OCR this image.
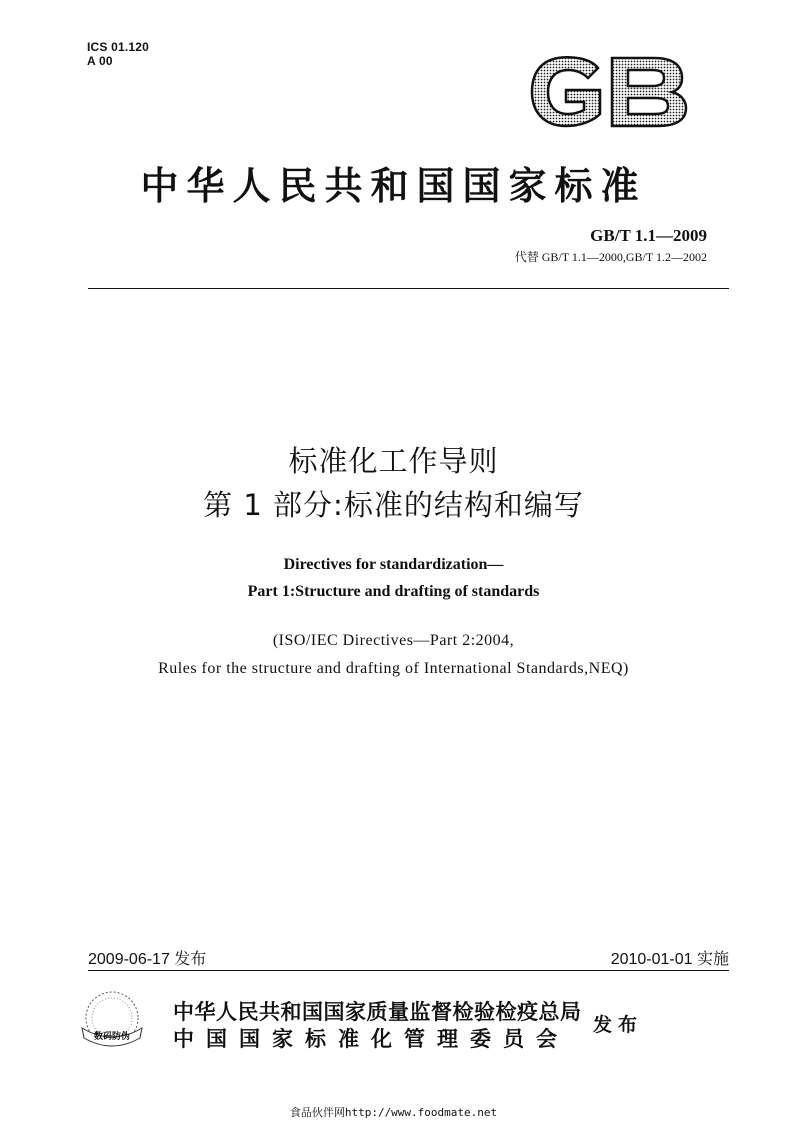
ICS 01.120
A 00
中华人民共和国国家标准
GB/T 1.1—2009
代替 GB/T 1.1—2000,GB/T 1.2—2002
标准化工作导则
第 1 部分:标准的结构和编写
Directives for standardization—
Part 1:Structure and drafting of standards
(ISO/IEC Directives—Part 2:2004,
Rules for the structure and drafting of International Standards,NEQ)
2009-06-17 发布	2010-01-01 实施
数码防伪
中华人民共和国国家质量监督检验检疫总局
中国国家标准化管理委员会
发布
食品伙伴网http://www.foodmate.net
